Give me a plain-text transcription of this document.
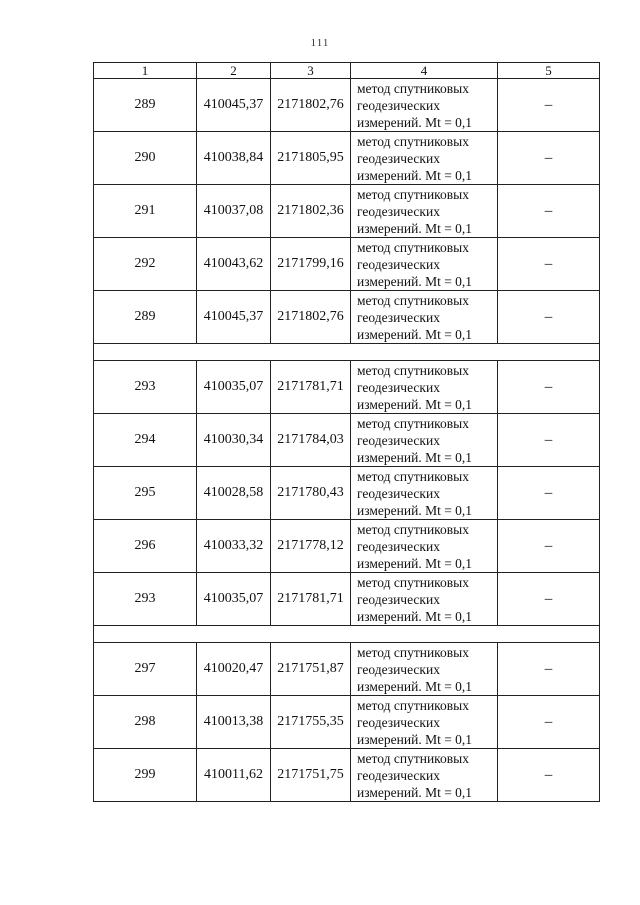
111
1	2	3	4	5
289	410045,37	2171802,76	метод спутниковых
геодезических
измерений. Mt = 0,1	–
290	410038,84	2171805,95	метод спутниковых
геодезических
измерений. Mt = 0,1	–
291	410037,08	2171802,36	метод спутниковых
геодезических
измерений. Mt = 0,1	–
292	410043,62	2171799,16	метод спутниковых
геодезических
измерений. Mt = 0,1	–
289	410045,37	2171802,76	метод спутниковых
геодезических
измерений. Mt = 0,1	–

293	410035,07	2171781,71	метод спутниковых
геодезических
измерений. Mt = 0,1	–
294	410030,34	2171784,03	метод спутниковых
геодезических
измерений. Mt = 0,1	–
295	410028,58	2171780,43	метод спутниковых
геодезических
измерений. Mt = 0,1	–
296	410033,32	2171778,12	метод спутниковых
геодезических
измерений. Mt = 0,1	–
293	410035,07	2171781,71	метод спутниковых
геодезических
измерений. Mt = 0,1	–

297	410020,47	2171751,87	метод спутниковых
геодезических
измерений. Mt = 0,1	–
298	410013,38	2171755,35	метод спутниковых
геодезических
измерений. Mt = 0,1	–
299	410011,62	2171751,75	метод спутниковых
геодезических
измерений. Mt = 0,1	–
